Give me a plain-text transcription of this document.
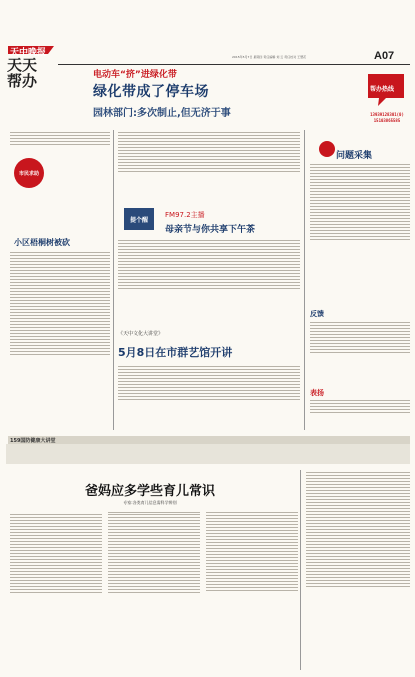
天中晚报
天天
帮办
2015年5月7日 星期四 责任编辑 刘 云 责任校对 王慧花	A07
电动车“挤”进绿化带
绿化带成了停车场
园林部门:多次制止,但无济于事
帮办热线
13939128301(0)
15103865585
市民求助
小区梧桐树被砍
提个醒
FM97.2主播
母亲节与你共享下午茶
《天中文化大讲堂》
5月8日在市群艺馆开讲
问题采集
反馈
表扬
159国防健康大讲堂
爸妈应多学些育儿常识
专家:各类育儿信息需科学辨别
